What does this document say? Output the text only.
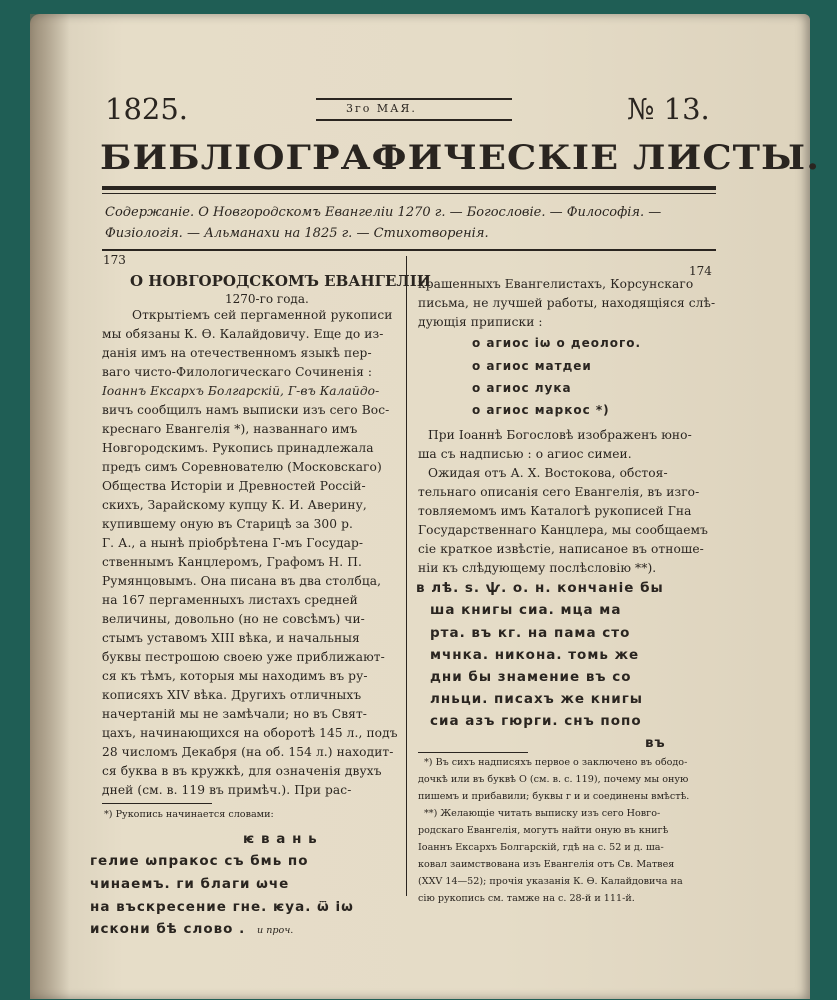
1825.	3го МАЯ.	№ 13.
БИБЛIОГРАФИЧЕСКIЕ ЛИСТЫ.
Содержанiе. О Новгородскомъ Евангелiи 1270 г. — Богословiе. — Философiя. —
Физiологiя. — Альманахи на 1825 г. — Стихотворенiя.
173
О НОВГОРОДСКОМЪ ЕВАНГЕЛIИ
1270-го года.
Открытiемъ сей пергаменной рукописи
мы обязаны К. Ө. Калайдовичу. Еще до из-
данiя имъ на отечественномъ языкѣ пер-
ваго чисто-Филологическаго Сочиненiя :
Iоаннъ Ексархъ Болгарскiй, Г-въ Калайдо-
вичъ сообщилъ намъ выписки изъ сего Вос-
креснаго Евангелiя *), названнаго имъ
Новгородскимъ. Рукопись принадлежала
предъ симъ Соревнователю (Московскаго)
Общества Исторiи и Древностей Россiй-
скихъ, Зарайскому купцу К. И. Аверину,
купившему оную въ Старицѣ за 300 р.
Г. А., а нынѣ прiобрѣтена Г-мъ Государ-
ственнымъ Канцлеромъ, Графомъ Н. П.
Румянцовымъ. Она писана въ два столбца,
на 167 пергаменныхъ листахъ средней
величины, довольно (но не совсѣмъ) чи-
стымъ уставомъ XIII вѣка, и начальныя
буквы пестрошою своею уже приближают-
ся къ тѣмъ, которыя мы находимъ въ ру-
кописяхъ XIV вѣка. Другихъ отличныхъ
начертанiй мы не замѣчали; но въ Свят-
цахъ, начинающихся на оборотѣ 145 л., подъ
28 числомъ Декабря (на об. 154 л.) находит-
ся буква в въ кружкѣ, для означенiя двухъ
дней (см. в. 119 въ примѣч.). При рас-
*) Рукопись начинается словами:
ѥ в а н ь
гелие ѡпракос съ бмь по
чинаемъ. ги благи ѡче
на въскресение гне. ѥуа. ѿ iѡ
искони бѣ слово . и проч.
174
крашенныхъ Евангелистахъ, Корсунскаго
письма, не лучшей работы, находящiяся слѣ-
дующiя приписки :
о агиос iѡ о деолого.
о агиос матдеи
о агиос лука
о агиос маркос *)
При Iоаннѣ Богословѣ изображенъ юно-
ша съ надписью : о агиос симеи.
Ожидая отъ А. Х. Востокова, обстоя-
тельнаго описанiя сего Евангелiя, въ изго-
товляемомъ имъ Каталогѣ рукописей Гна
Государственнаго Канцлера, мы сообщаемъ
сiе краткое извѣстiе, напиcаное въ отноше-
нiи къ слѣдующему послѣсловiю **).
в лѣ. ѕ. ѱ. о. н. кончанiе бы
ша книгы сиа. мца ма
рта. въ кг. на пама сто
мчнка. никона. томь же
дни бы знамение въ со
лньци. писахъ же книгы
сиа азъ гюрги. снъ попо
въ
*) Въ сихъ надписяхъ первое о заключено въ ободо-
дочкѣ или въ буквѣ О (см. в. с. 119), почему мы оную
пишемъ и прибавили; буквы г и и соединены вмѣстѣ.
**) Желающiе читать выписку изъ сего Новго-
родскаго Евангелiя, могутъ найти оную въ книгѣ
Iоаннъ Ексархъ Болгарскiй, гдѣ на с. 52 и д. ша-
ковал заимствована изъ Евангелiя отъ Св. Матвея
(XXV 14—52); прочiя указанiя К. Ө. Калайдовича на
сiю рукопись см. тамже на с. 28-й и 111-й.
